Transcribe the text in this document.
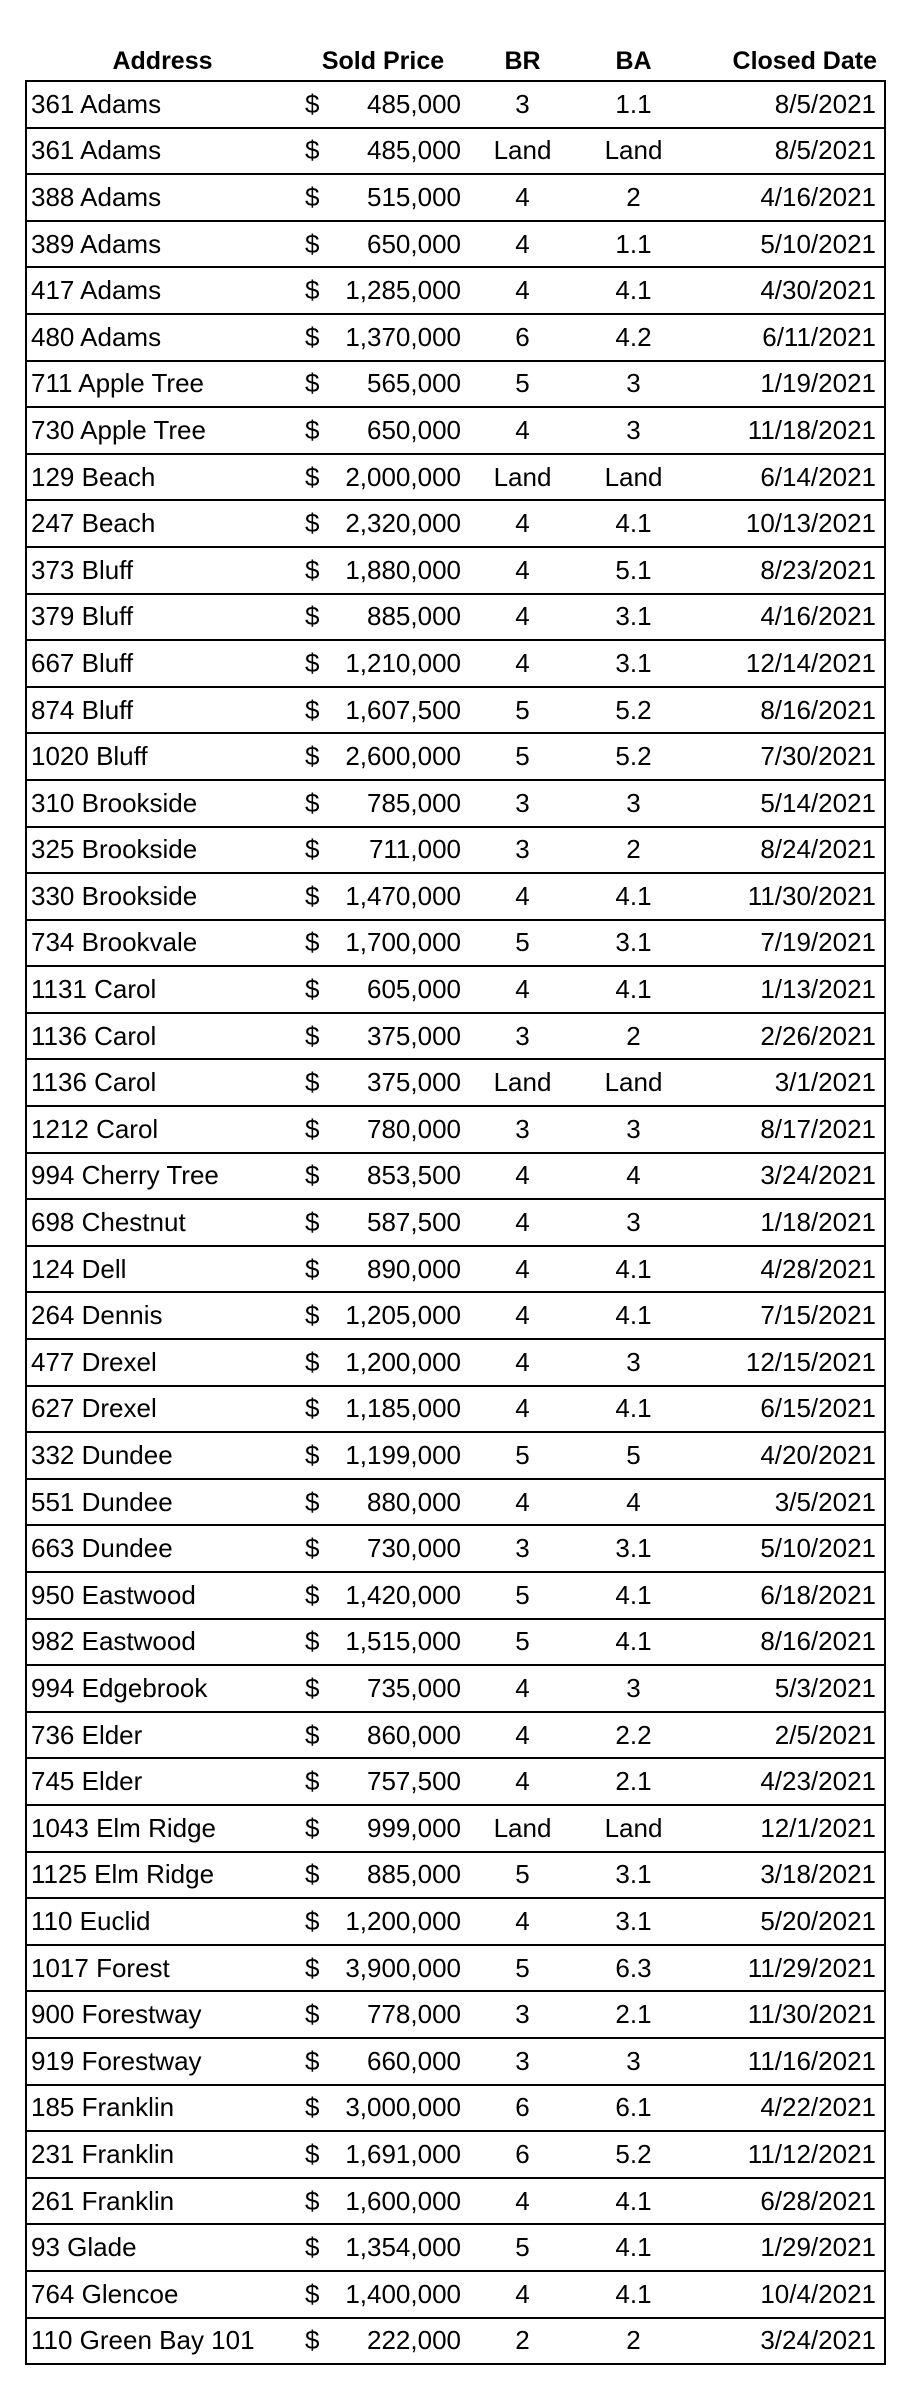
Address	Sold Price	BR	BA	Closed Date
361 Adams	$ 485,000	3	1.1	8/5/2021
361 Adams	$ 485,000	Land	Land	8/5/2021
388 Adams	$ 515,000	4	2	4/16/2021
389 Adams	$ 650,000	4	1.1	5/10/2021
417 Adams	$ 1,285,000	4	4.1	4/30/2021
480 Adams	$ 1,370,000	6	4.2	6/11/2021
711 Apple Tree	$ 565,000	5	3	1/19/2021
730 Apple Tree	$ 650,000	4	3	11/18/2021
129 Beach	$ 2,000,000	Land	Land	6/14/2021
247 Beach	$ 2,320,000	4	4.1	10/13/2021
373 Bluff	$ 1,880,000	4	5.1	8/23/2021
379 Bluff	$ 885,000	4	3.1	4/16/2021
667 Bluff	$ 1,210,000	4	3.1	12/14/2021
874 Bluff	$ 1,607,500	5	5.2	8/16/2021
1020 Bluff	$ 2,600,000	5	5.2	7/30/2021
310 Brookside	$ 785,000	3	3	5/14/2021
325 Brookside	$ 711,000	3	2	8/24/2021
330 Brookside	$ 1,470,000	4	4.1	11/30/2021
734 Brookvale	$ 1,700,000	5	3.1	7/19/2021
1131 Carol	$ 605,000	4	4.1	1/13/2021
1136 Carol	$ 375,000	3	2	2/26/2021
1136 Carol	$ 375,000	Land	Land	3/1/2021
1212 Carol	$ 780,000	3	3	8/17/2021
994 Cherry Tree	$ 853,500	4	4	3/24/2021
698 Chestnut	$ 587,500	4	3	1/18/2021
124 Dell	$ 890,000	4	4.1	4/28/2021
264 Dennis	$ 1,205,000	4	4.1	7/15/2021
477 Drexel	$ 1,200,000	4	3	12/15/2021
627 Drexel	$ 1,185,000	4	4.1	6/15/2021
332 Dundee	$ 1,199,000	5	5	4/20/2021
551 Dundee	$ 880,000	4	4	3/5/2021
663 Dundee	$ 730,000	3	3.1	5/10/2021
950 Eastwood	$ 1,420,000	5	4.1	6/18/2021
982 Eastwood	$ 1,515,000	5	4.1	8/16/2021
994 Edgebrook	$ 735,000	4	3	5/3/2021
736 Elder	$ 860,000	4	2.2	2/5/2021
745 Elder	$ 757,500	4	2.1	4/23/2021
1043 Elm Ridge	$ 999,000	Land	Land	12/1/2021
1125 Elm Ridge	$ 885,000	5	3.1	3/18/2021
110 Euclid	$ 1,200,000	4	3.1	5/20/2021
1017 Forest	$ 3,900,000	5	6.3	11/29/2021
900 Forestway	$ 778,000	3	2.1	11/30/2021
919 Forestway	$ 660,000	3	3	11/16/2021
185 Franklin	$ 3,000,000	6	6.1	4/22/2021
231 Franklin	$ 1,691,000	6	5.2	11/12/2021
261 Franklin	$ 1,600,000	4	4.1	6/28/2021
93 Glade	$ 1,354,000	5	4.1	1/29/2021
764 Glencoe	$ 1,400,000	4	4.1	10/4/2021
110 Green Bay 101	$ 222,000	2	2	3/24/2021
